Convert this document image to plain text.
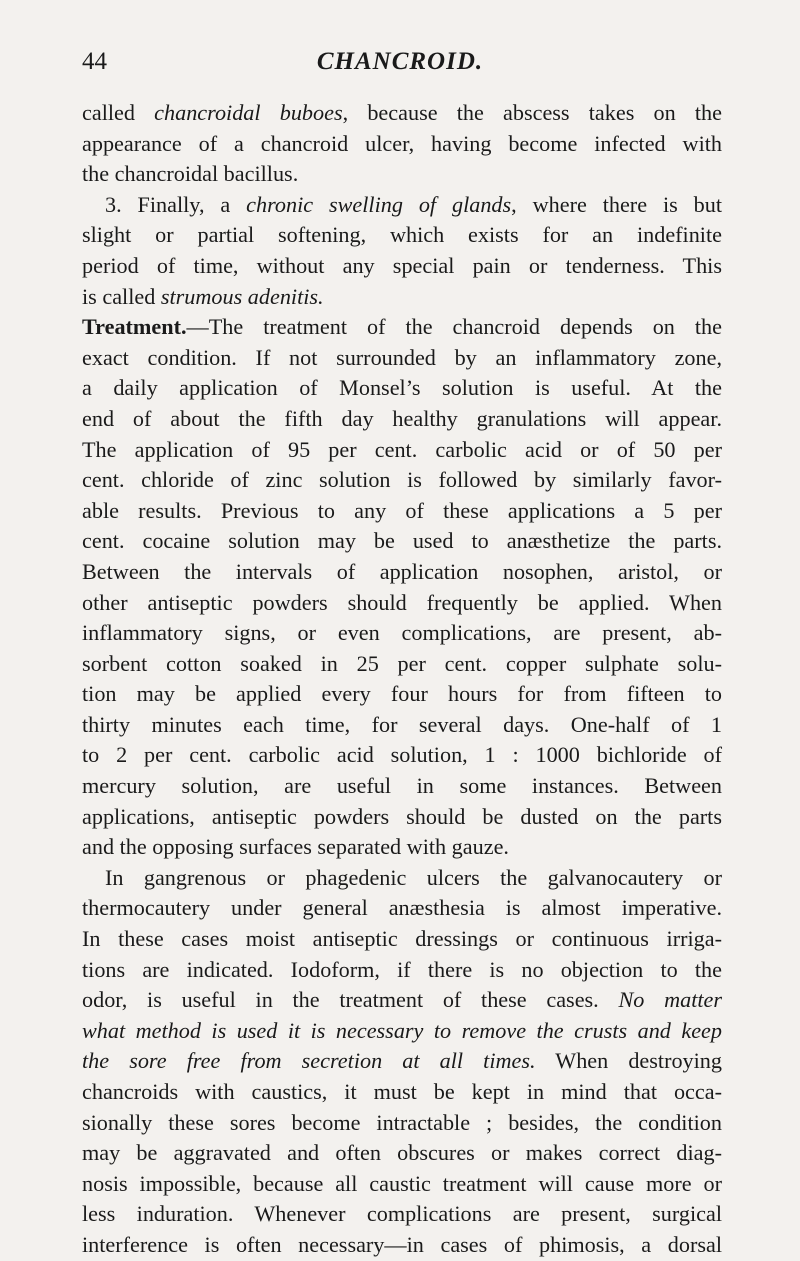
44	CHANCROID.
called chancroidal buboes, because the abscess takes on the
appearance of a chancroid ulcer, having become infected with
the chancroidal bacillus.
3. Finally, a chronic swelling of glands, where there is but
slight or partial softening, which exists for an indefinite
period of time, without any special pain or tenderness. This
is called strumous adenitis.
Treatment.—The treatment of the chancroid depends on the
exact condition. If not surrounded by an inflammatory zone,
a daily application of Monsel’s solution is useful. At the
end of about the fifth day healthy granulations will appear.
The application of 95 per cent. carbolic acid or of 50 per
cent. chloride of zinc solution is followed by similarly favor-
able results. Previous to any of these applications a 5 per
cent. cocaine solution may be used to anæsthetize the parts.
Between the intervals of application nosophen, aristol, or
other antiseptic powders should frequently be applied. When
inflammatory signs, or even complications, are present, ab-
sorbent cotton soaked in 25 per cent. copper sulphate solu-
tion may be applied every four hours for from fifteen to
thirty minutes each time, for several days. One-half of 1
to 2 per cent. carbolic acid solution, 1 : 1000 bichloride of
mercury solution, are useful in some instances. Between
applications, antiseptic powders should be dusted on the parts
and the opposing surfaces separated with gauze.
In gangrenous or phagedenic ulcers the galvanocautery or
thermocautery under general anæsthesia is almost imperative.
In these cases moist antiseptic dressings or continuous irriga-
tions are indicated. Iodoform, if there is no objection to the
odor, is useful in the treatment of these cases. No matter
what method is used it is necessary to remove the crusts and keep
the sore free from secretion at all times. When destroying
chancroids with caustics, it must be kept in mind that occa-
sionally these sores become intractable ; besides, the condition
may be aggravated and often obscures or makes correct diag-
nosis impossible, because all caustic treatment will cause more or
less induration. Whenever complications are present, surgical
interference is often necessary—in cases of phimosis, a dorsal
